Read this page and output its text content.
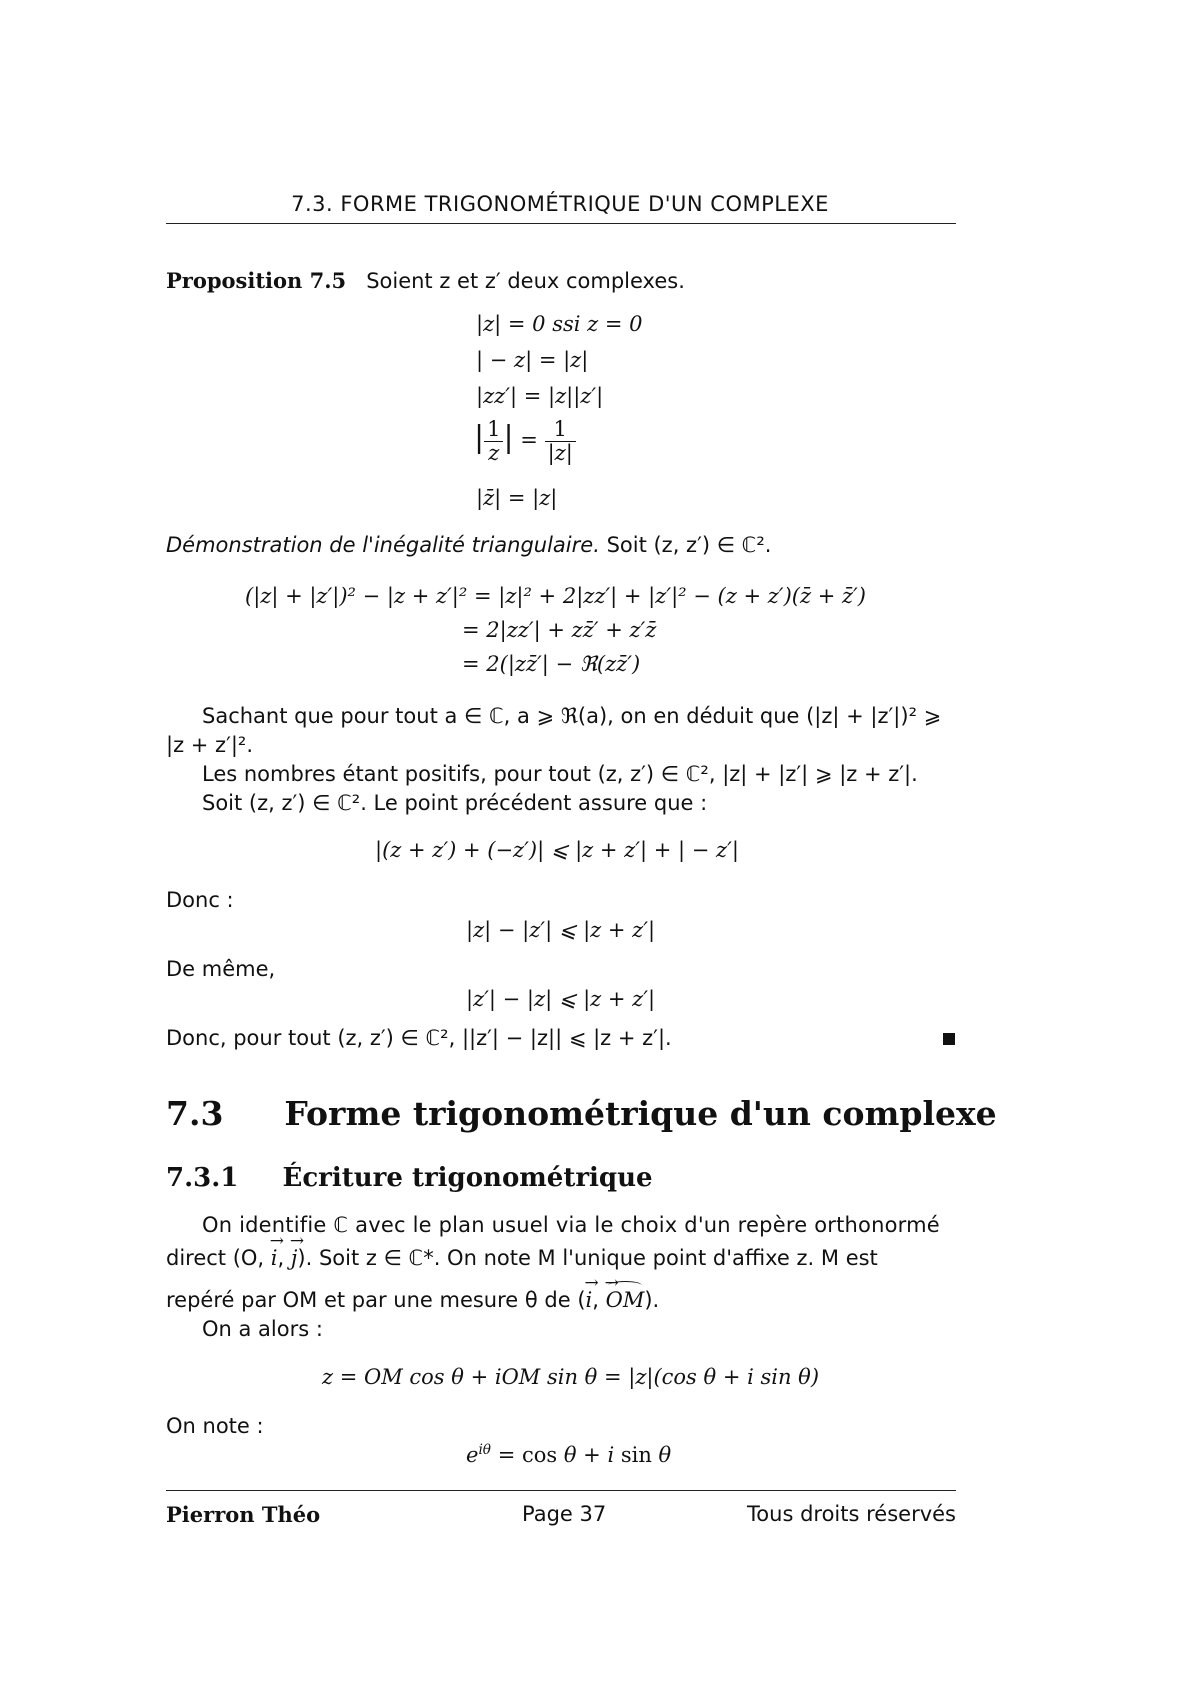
7.3. FORME TRIGONOMÉTRIQUE D'UN COMPLEXE
Proposition 7.5 Soient z et z′ deux complexes.
|z| = 0 ssi z = 0
| − z| = |z|
|zz′| = |z||z′|
| $\frac{1}{z}$ | = $\frac{1}{|z|}$
|z̄| = |z|
Démonstration de l'inégalité triangulaire. Soit (z, z′) ∈ ℂ².
(|z| + |z′|)² − |z + z′|² = |z|² + 2|zz′| + |z′|² − (z + z′)(z̄ + z̄′)
= 2|zz′| + zz̄′ + z′z̄
= 2(|zz̄′| − ℜ(zz̄′)
Sachant que pour tout a ∈ ℂ, a ⩾ ℜ(a), on en déduit que (|z| + |z′|)² ⩾
|z + z′|².
Les nombres étant positifs, pour tout (z, z′) ∈ ℂ², |z| + |z′| ⩾ |z + z′|.
Soit (z, z′) ∈ ℂ². Le point précédent assure que :
|(z + z′) + (−z′)| ⩽ |z + z′| + | − z′|
Donc :
|z| − |z′| ⩽ |z + z′|
De même,
|z′| − |z| ⩽ |z + z′|
Donc, pour tout (z, z′) ∈ ℂ², ||z′| − |z|| ⩽ |z + z′|.
7.3 Forme trigonométrique d'un complexe
7.3.1 Écriture trigonométrique
On identifie ℂ avec le plan usuel via le choix d'un repère orthonormé
direct (O, → i, → j). Soit z ∈ ℂ*. On note M l'unique point d'affixe z. M est
repéré par OM et par une mesure θ de (→ i, → OM).
On a alors :
z = OM cos θ + iOM sin θ = |z|(cos θ + i sin θ)
On note :
$e^{i\theta} = \cos \theta + i$ sin θ
Pierron Théo	Page 37	Tous droits réservés
